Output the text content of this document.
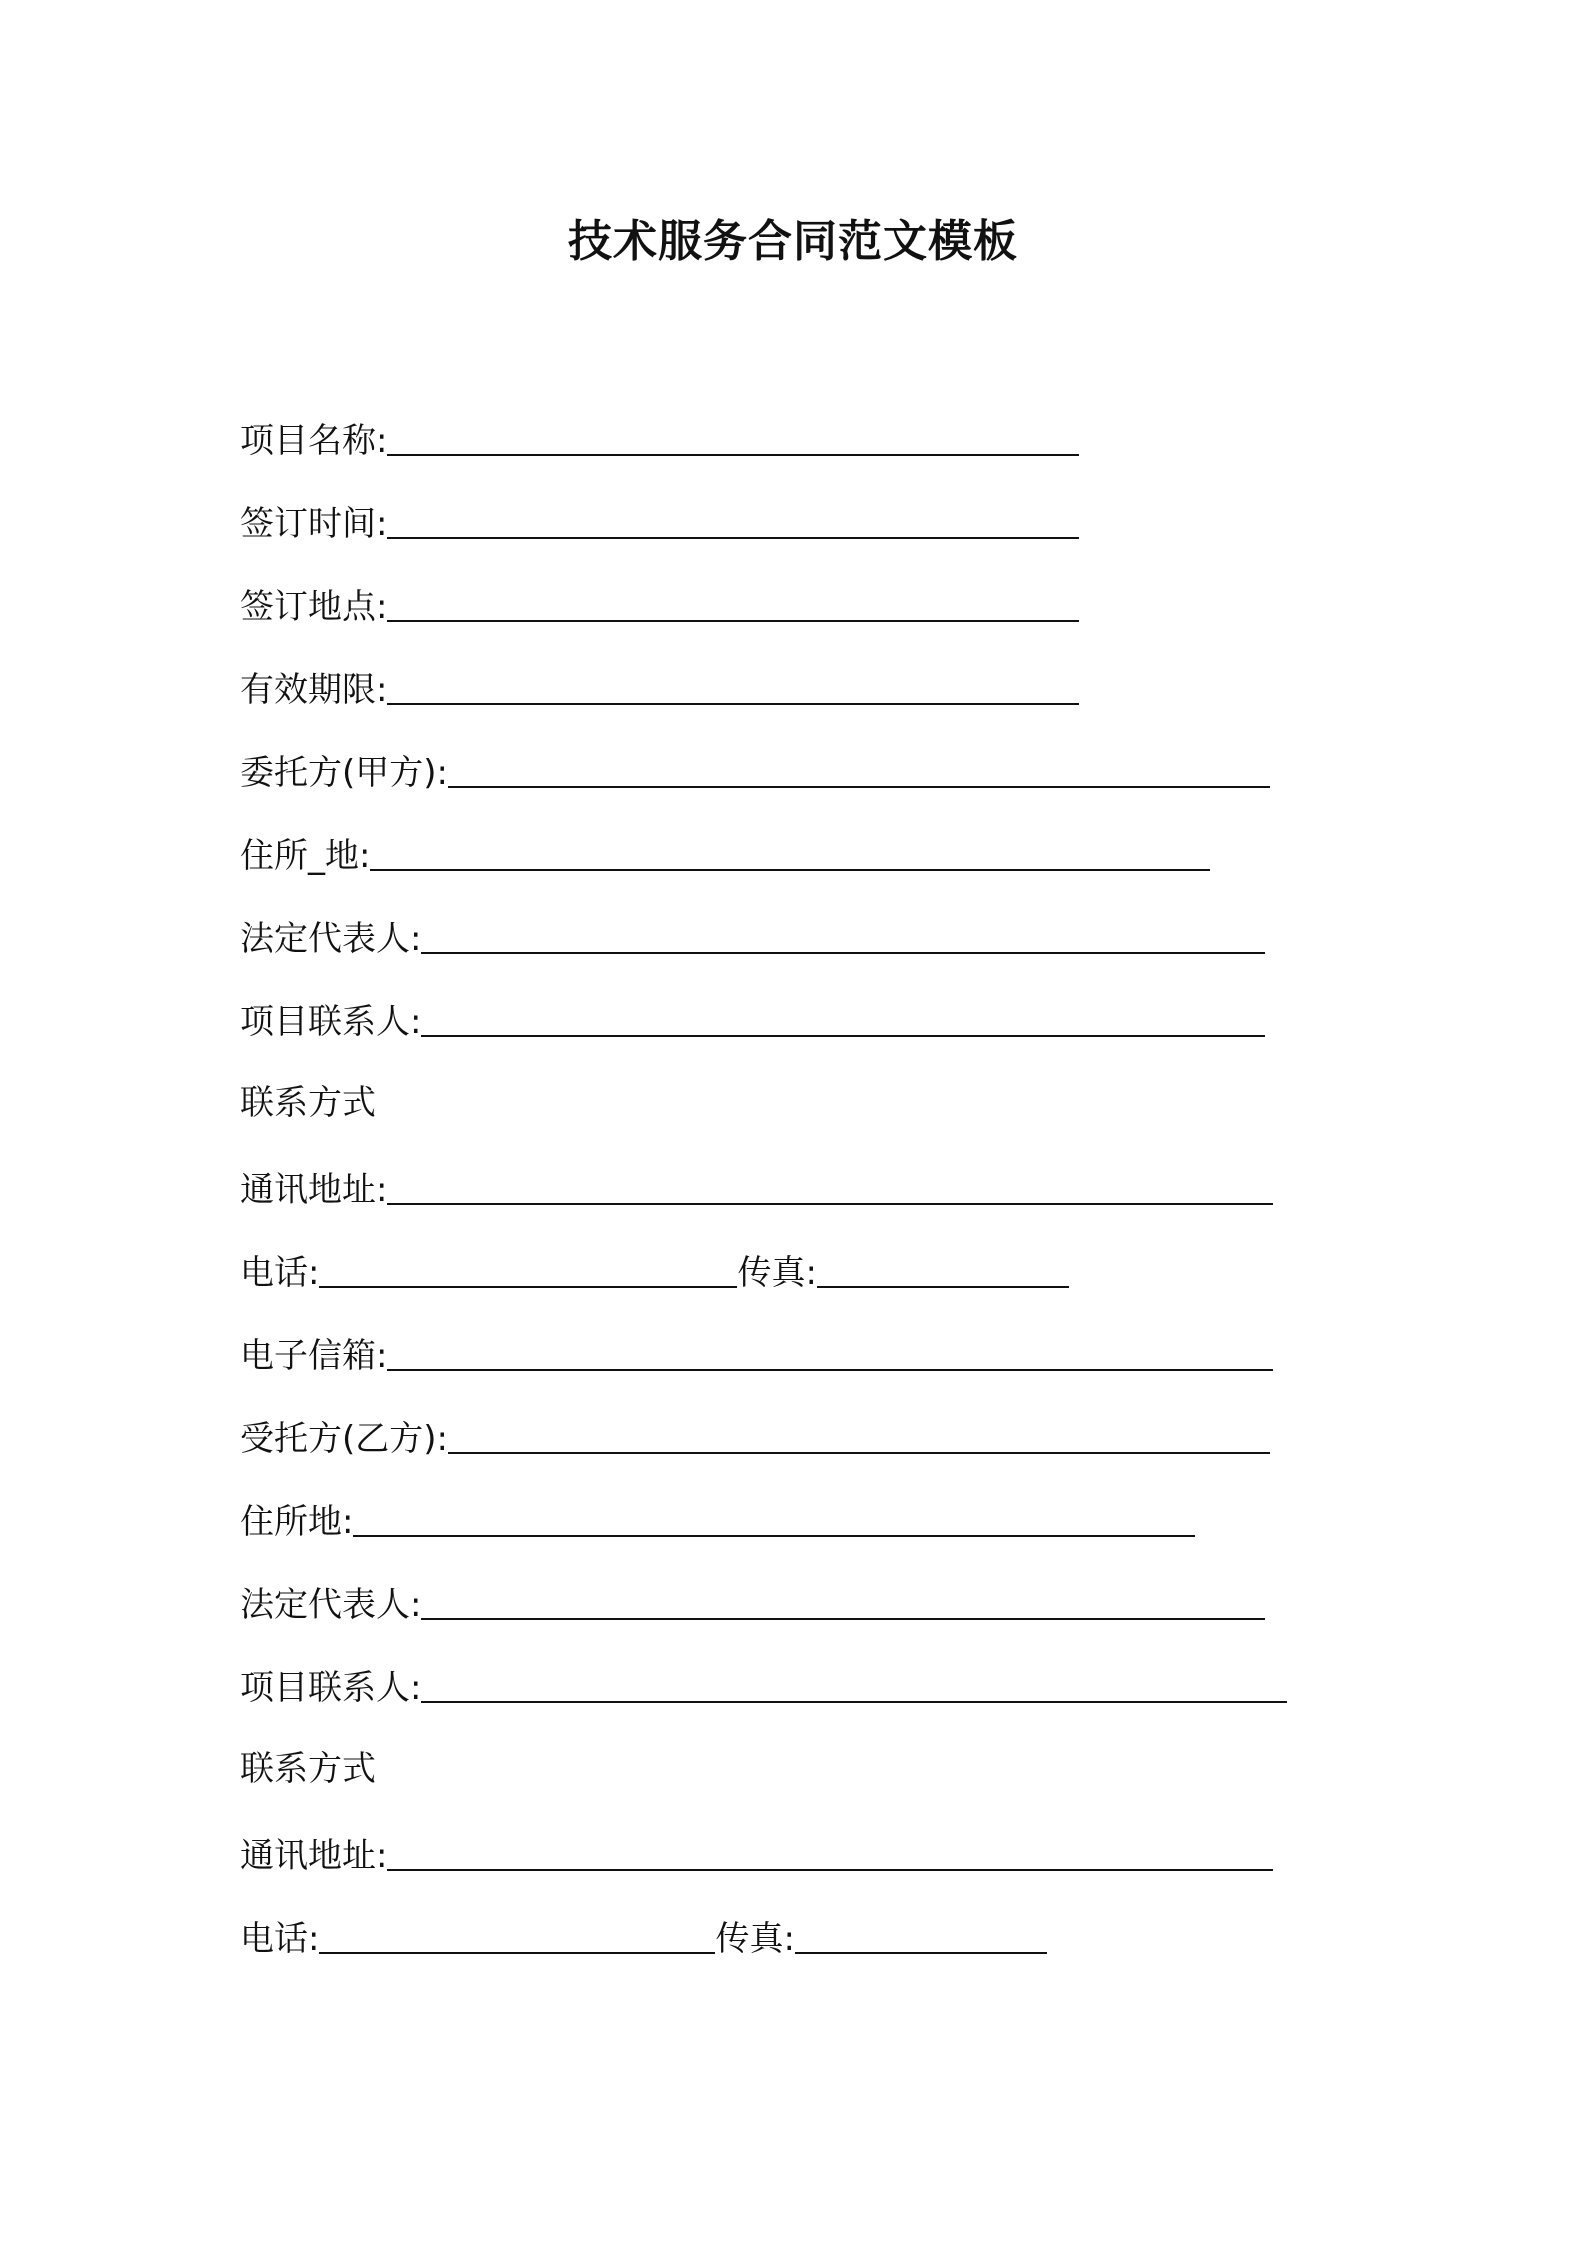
技术服务合同范文模板
项目名称:
签订时间:
签订地点:
有效期限:
委托方(甲方):
住所_地:
法定代表人:
项目联系人:
联系方式
通讯地址:
电话:	传真:
电子信箱:
受托方(乙方):
住所地:
法定代表人:
项目联系人:
联系方式
通讯地址:
电话:	传真:
